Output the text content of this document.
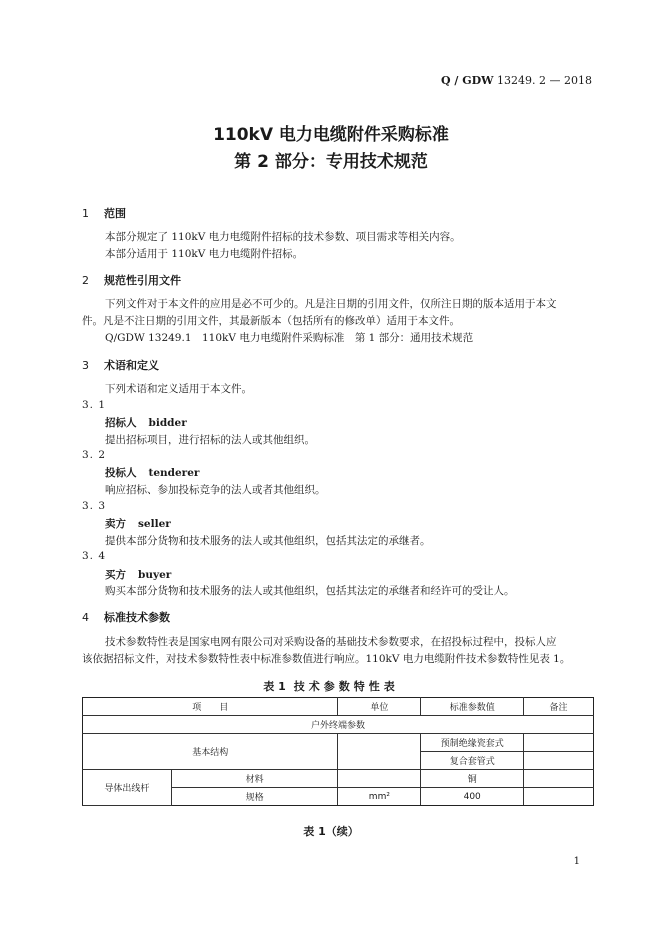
Q / GDW 13249. 2 — 2018
110kV 电力电缆附件采购标准
第 2 部分：专用技术规范
1 范围
本部分规定了 110kV 电力电缆附件招标的技术参数、项目需求等相关内容。
本部分适用于 110kV 电力电缆附件招标。
2 规范性引用文件
下列文件对于本文件的应用是必不可少的。凡是注日期的引用文件，仅所注日期的版本适用于本文
件。凡是不注日期的引用文件，其最新版本（包括所有的修改单）适用于本文件。
Q/GDW 13249.1　110kV 电力电缆附件采购标准　第 1 部分：通用技术规范
3 术语和定义
下列术语和定义适用于本文件。
3. 1
招标人 bidder
提出招标项目，进行招标的法人或其他组织。
3. 2
投标人 tenderer
响应招标、参加投标竞争的法人或者其他组织。
3. 3
卖方 seller
提供本部分货物和技术服务的法人或其他组织，包括其法定的承继者。
3. 4
买方 buyer
购买本部分货物和技术服务的法人或其他组织，包括其法定的承继者和经许可的受让人。
4 标准技术参数
技术参数特性表是国家电网有限公司对采购设备的基础技术参数要求，在招投标过程中，投标人应
该依据招标文件，对技术参数特性表中标准参数值进行响应。110kV 电力电缆附件技术参数特性见表 1。
表 1 技术参数特性表
项　　目		单位	标准参数值	备注
户外终端参数				
基本结构			预制绝缘瓷套式	
			复合套管式	
导体出线杆	材料		铜	
	规格	mm²	400	
表 1（续）
1
